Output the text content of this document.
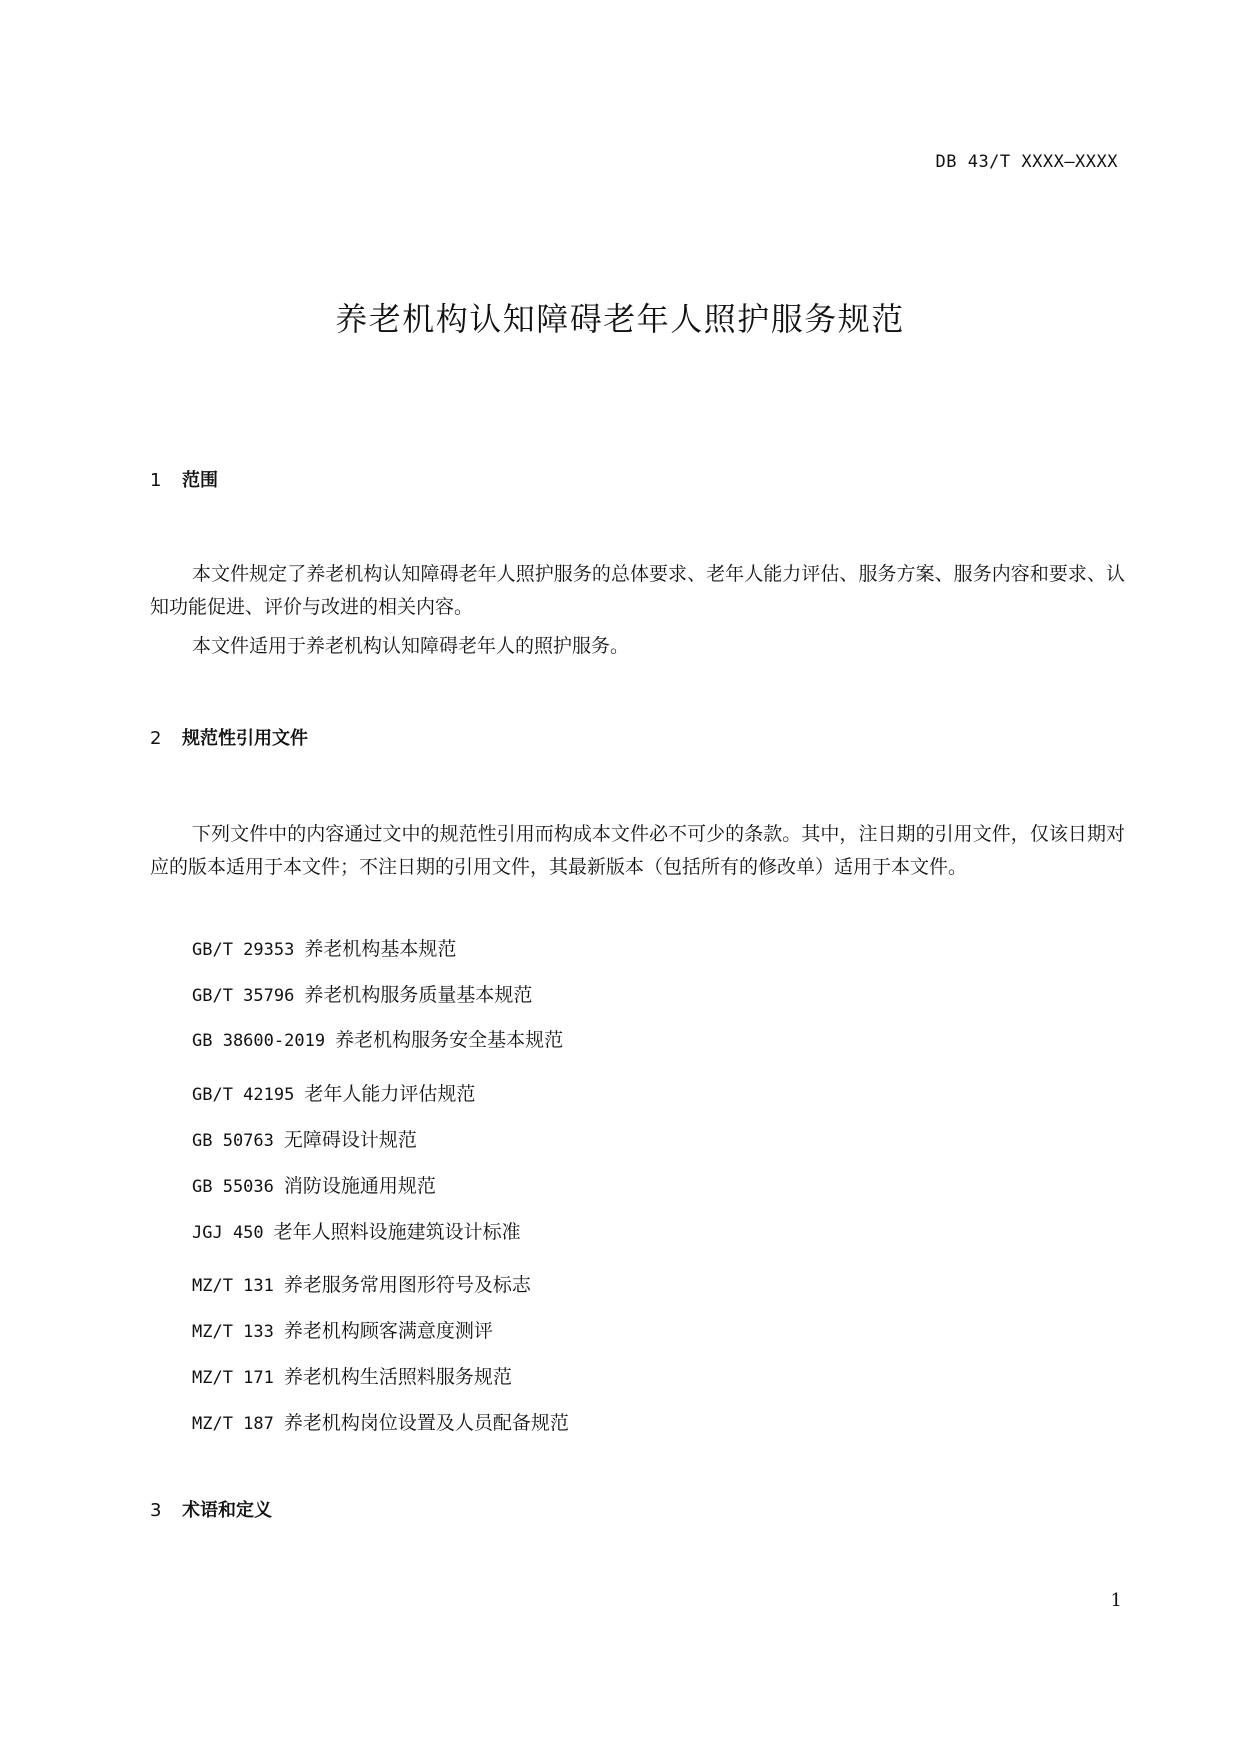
DB 43/T XXXX—XXXX
养老机构认知障碍老年人照护服务规范
1 范围
本文件规定了养老机构认知障碍老年人照护服务的总体要求、老年人能力评估、服务方案、服务内容和要求、认知功能促进、评价与改进的相关内容。
本文件适用于养老机构认知障碍老年人的照护服务。
2 规范性引用文件
下列文件中的内容通过文中的规范性引用而构成本文件必不可少的条款。其中，注日期的引用文件，仅该日期对应的版本适用于本文件；不注日期的引用文件，其最新版本（包括所有的修改单）适用于本文件。
GB/T 29353 养老机构基本规范
GB/T 35796 养老机构服务质量基本规范
GB 38600-2019 养老机构服务安全基本规范
GB/T 42195 老年人能力评估规范
GB 50763 无障碍设计规范
GB 55036 消防设施通用规范
JGJ 450 老年人照料设施建筑设计标准
MZ/T 131 养老服务常用图形符号及标志
MZ/T 133 养老机构顾客满意度测评
MZ/T 171 养老机构生活照料服务规范
MZ/T 187 养老机构岗位设置及人员配备规范
3 术语和定义
1
